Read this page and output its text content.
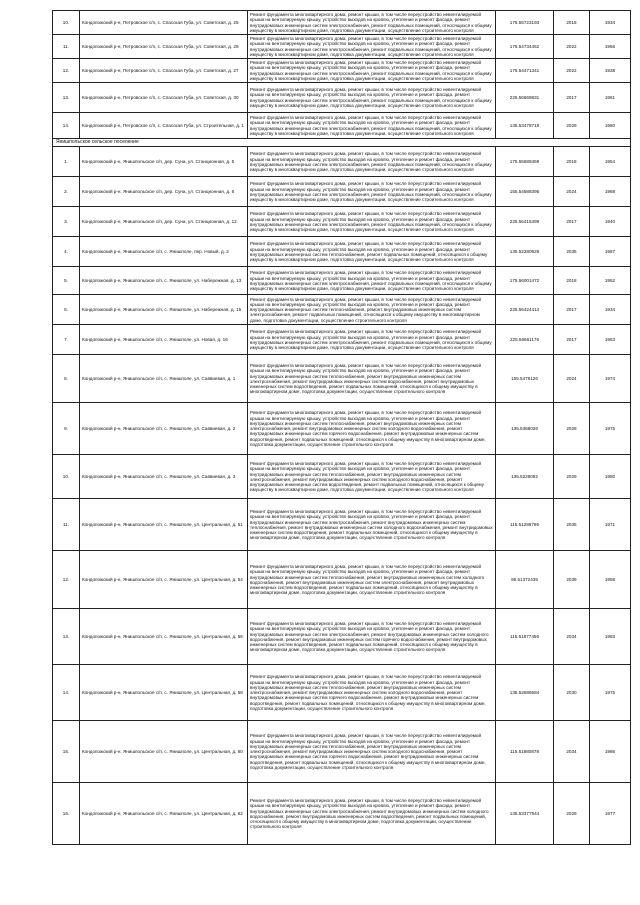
10.	Кондопожский р-н, Петровское с/п, с. Спасская Губа, ул. Советская, д. 25	Ремонт фундамента многоквартирного дома, ремонт крыши, в том числе переустройство невентилируемой крыши на вентилируемую крышу, устройство выходов на кровлю, утепление и ремонт фасада, ремонт внутридомовых инженерных систем электроснабжения, ремонт подвальных помещений, относящихся к общему имуществу в многоквартирном доме, подготовка документации, осуществление строительного контроля	175.55723193	2018	1934
11.	Кондопожский р-н, Петровское с/п, с. Спасская Губа, ул. Советская, д. 26	Ремонт фундамента многоквартирного дома, ремонт крыши, в том числе переустройство невентилируемой крыши на вентилируемую крышу, устройство выходов на кровлю, утепление и ремонт фасада, ремонт внутридомовых инженерных систем электроснабжения, ремонт подвальных помещений, относящихся к общему имуществу в многоквартирном доме, подготовка документации, осуществление строительного контроля	175.54734452	2022	1956
12.	Кондопожский р-н, Петровское с/п, с. Спасская Губа, ул. Советская, д. 27	Ремонт фундамента многоквартирного дома, ремонт крыши, в том числе переустройство невентилируемой крыши на вентилируемую крышу, устройство выходов на кровлю, утепление и ремонт фасада, ремонт внутридомовых инженерных систем электроснабжения, ремонт подвальных помещений, относящихся к общему имуществу в многоквартирном доме, подготовка документации, осуществление строительного контроля	175.54471341	2022	1938
13.	Кондопожский р-н, Петровское с/п, с. Спасская Губа, ул. Советская, д. 30	Ремонт фундамента многоквартирного дома, ремонт крыши, в том числе переустройство невентилируемой крыши на вентилируемую крышу, устройство выходов на кровлю, утепление и ремонт фасада, ремонт внутридомовых инженерных систем электроснабжения, ремонт подвальных помещений, относящихся к общему имуществу в многоквартирном доме, подготовка документации, осуществление строительного контроля	225.56669831	2017	1961
14.	Кондопожский р-н, Петровское с/п, с. Спасская Губа, ул. Строительная, д. 1	Ремонт фундамента многоквартирного дома, ремонт крыши, в том числе переустройство невентилируемой крыши на вентилируемую крышу, устройство выходов на кровлю, утепление и ремонт фасада, ремонт внутридомовых инженерных систем электроснабжения, ремонт подвальных помещений, относящихся к общему имуществу в многоквартирном доме, подготовка документации, осуществление строительного контроля	135.53478718	2029	1980
Янишпольское сельское поселение					
1.	Кондопожский р-н, Янишпольское с/п, дер. Суна, ул. Станционная, д. 5	Ремонт фундамента многоквартирного дома, ремонт крыши, в том числе переустройство невентилируемой крыши на вентилируемую крышу, устройство выходов на кровлю, утепление и ремонт фасада, ремонт внутридомовых инженерных систем электроснабжения, ремонт подвальных помещений, относящихся к общему имуществу в многоквартирном доме, подготовка документации, осуществление строительного контроля	175.55689459	2018	1954
2.	Кондопожский р-н, Янишпольское с/п, дер. Суна, ул. Станционная, д. 6	Ремонт фундамента многоквартирного дома, ремонт крыши, в том числе переустройство невентилируемой крыши на вентилируемую крышу, устройство выходов на кровлю, утепление и ремонт фасада, ремонт внутридомовых инженерных систем электроснабжения, ремонт подвальных помещений, относящихся к общему имуществу в многоквартирном доме, подготовка документации, осуществление строительного контроля	155.54588395	2024	1968
3.	Кондопожский р-н, Янишпольское с/п, дер. Суна, ул. Станционная, д. 12	Ремонт фундамента многоквартирного дома, ремонт крыши, в том числе переустройство невентилируемой крыши на вентилируемую крышу, устройство выходов на кровлю, утепление и ремонт фасада, ремонт внутридомовых инженерных систем электроснабжения, ремонт подвальных помещений, относящихся к общему имуществу в многоквартирном доме, подготовка документации, осуществление строительного контроля	225.56415499	2017	1940
4.	Кондопожский р-н, Янишпольское с/п, с. Янишполе, пер. Новый, д. 2	Ремонт фундамента многоквартирного дома, ремонт крыши, в том числе переустройство невентилируемой крыши на вентилируемую крышу, устройство выходов на кровлю, утепление и ремонт фасада, ремонт внутридомовых инженерных систем теплоснабжения, ремонт подвальных помещений, относящихся к общему имуществу в многоквартирном доме, подготовка документации, осуществление строительного контроля	135.52280929	2035	1987
5.	Кондопожский р-н, Янишпольское с/п, с. Янишполе, ул. Набережная, д. 13	Ремонт фундамента многоквартирного дома, ремонт крыши, в том числе переустройство невентилируемой крыши на вентилируемую крышу, устройство выходов на кровлю, утепление и ремонт фасада, ремонт внутридомовых инженерных систем электроснабжения, ремонт подвальных помещений, относящихся к общему имуществу в многоквартирном доме, подготовка документации, осуществление строительного контроля	175.56001472	2018	1952
6.	Кондопожский р-н, Янишпольское с/п, с. Янишполе, ул. Набережная, д. 15	Ремонт фундамента многоквартирного дома, ремонт крыши, в том числе переустройство невентилируемой крыши на вентилируемую крышу, устройство выходов на кровлю, утепление и ремонт фасада, ремонт внутридомовых инженерных систем теплоснабжения, ремонт внутридомовых инженерных систем электроснабжения, ремонт подвальных помещений, относящихся к общему имуществу в многоквартирном доме, подготовка документации, осуществление строительного контроля	225.56424414	2017	1934
7.	Кондопожский р-н, Янишпольское с/п, с. Янишполе, ул. Новая, д. 16	Ремонт фундамента многоквартирного дома, ремонт крыши, в том числе переустройство невентилируемой крыши на вентилируемую крышу, устройство выходов на кровлю, утепление и ремонт фасада, ремонт внутридомовых инженерных систем электроснабжения, ремонт подвальных помещений, относящихся к общему имуществу в многоквартирном доме, подготовка документации, осуществление строительного контроля	225.56661176	2017	1953
8.	Кондопожский р-н, Янишпольское с/п, с. Янишполе, ул. Саввиевая, д. 1	Ремонт фундамента многоквартирного дома, ремонт крыши, в том числе переустройство невентилируемой крыши на вентилируемую крышу, устройство выходов на кровлю, утепление и ремонт фасада, ремонт внутридомовых инженерных систем теплоснабжения, ремонт внутридомовых инженерных систем электроснабжения, ремонт внутридомовых инженерных систем водоснабжения, ремонт внутридомовых инженерных систем водоотведения, ремонт подвальных помещений, относящихся к общему имуществу в многоквартирном доме, подготовка документации, осуществление строительного контроля	155.5478126	2024	1974
9.	Кондопожский р-н, Янишпольское с/п, с. Янишполе, ул. Саввиевая, д. 2	Ремонт фундамента многоквартирного дома, ремонт крыши, в том числе переустройство невентилируемой крыши на вентилируемую крышу, устройство выходов на кровлю, утепление и ремонт фасада, ремонт внутридомовых инженерных систем теплоснабжения, ремонт внутридомовых инженерных систем электроснабжения, ремонт внутридомовых инженерных систем холодного водоснабжения, ремонт внутридомовых инженерных систем горячего водоснабжения, ремонт внутридомовых инженерных систем водоотведения, ремонт подвальных помещений, относящихся к общему имуществу в многоквартирном доме, подготовка документации, осуществление строительного контроля	135.5368026	2028	1975
10.	Кондопожский р-н, Янишпольское с/п, с. Янишполе, ул. Саввиевая, д. 3	Ремонт фундамента многоквартирного дома, ремонт крыши, в том числе переустройство невентилируемой крыши на вентилируемую крышу, устройство выходов на кровлю, утепление и ремонт фасада, ремонт внутридомовых инженерных систем теплоснабжения, ремонт внутридомовых инженерных систем электроснабжения, ремонт внутридомовых инженерных систем холодного водоснабжения, ремонт внутридомовых инженерных систем водоотведения, ремонт подвальных помещений, относящихся к общему имуществу в многоквартирном доме, подготовка документации, осуществление строительного контроля	135.5228092	2029	1980
11.	Кондопожский р-н, Янишпольское с/п, с. Янишполе, ул. Центральная, д. 51	Ремонт фундамента многоквартирного дома, ремонт крыши, в том числе переустройство невентилируемой крыши на вентилируемую крышу, устройство выходов на кровлю, утепление и ремонт фасада, ремонт внутридомовых инженерных систем электроснабжения, ремонт внутридомовых инженерных систем теплоснабжения, ремонт внутридомовых инженерных систем холодного водоснабжения, ремонт внутридомовых инженерных систем водоотведения, ремонт подвальных помещений, относящихся к общему имуществу в многоквартирном доме, подготовка документации, осуществление строительного контроля	115.51286795	2035	1971
12.	Кондопожский р-н, Янишпольское с/п, с. Янишполе, ул. Центральная, д. 54	Ремонт фундамента многоквартирного дома, ремонт крыши, в том числе переустройство невентилируемой крыши на вентилируемую крышу, устройство выходов на кровлю, утепление и ремонт фасада, ремонт внутридомовых инженерных систем теплоснабжения, ремонт внутридомовых инженерных систем холодного водоснабжения, ремонт внутридомовых инженерных систем электроснабжения, ремонт внутридомовых инженерных систем водоотведения, ремонт подвальных помещений, относящихся к общему имуществу в многоквартирном доме, подготовка документации, осуществление строительного контроля	95.51372435	2039	1958
13.	Кондопожский р-н, Янишпольское с/п, с. Янишполе, ул. Центральная, д. 56	Ремонт фундамента многоквартирного дома, ремонт крыши, в том числе переустройство невентилируемой крыши на вентилируемую крышу, устройство выходов на кровлю, утепление и ремонт фасада, ремонт внутридомовых инженерных систем электроснабжения, ремонт внутридомовых инженерных систем холодного водоснабжения, ремонт внутридомовых инженерных систем горячего водоснабжения, ремонт внутридомовых инженерных систем водоотведения, ремонт подвальных помещений, относящихся к общему имуществу в многоквартирном доме, подготовка документации, осуществление строительного контроля	115.51877456	2034	1983
14.	Кондопожский р-н, Янишпольское с/п, с. Янишполе, ул. Центральная, д. 58	Ремонт фундамента многоквартирного дома, ремонт крыши, в том числе переустройство невентилируемой крыши на вентилируемую крышу, устройство выходов на кровлю, утепление и ремонт фасада, ремонт внутридомовых инженерных систем теплоснабжения, ремонт внутридомовых инженерных систем электроснабжения, ремонт внутридомовых инженерных систем холодного водоснабжения, ремонт внутридомовых инженерных систем горячего водоснабжения, ремонт внутридомовых инженерных систем водоотведения, ремонт подвальных помещений, относящихся к общему имуществу в многоквартирном доме, подготовка документации, осуществление строительного контроля	135.52686584	2030	1975
15.	Кондопожский р-н, Янишпольское с/п, с. Янишполе, ул. Центральная, д. 60	Ремонт фундамента многоквартирного дома, ремонт крыши, в том числе переустройство невентилируемой крыши на вентилируемую крышу, устройство выходов на кровлю, утепление и ремонт фасада, ремонт внутридомовых инженерных систем теплоснабжения, ремонт внутридомовых инженерных систем электроснабжения, ремонт внутридомовых инженерных систем холодного водоснабжения, ремонт внутридомовых инженерных систем горячего водоснабжения, ремонт внутридомовых инженерных систем водоотведения, ремонт подвальных помещений, относящихся к общему имуществу в многоквартирном доме, подготовка документации, осуществление строительного контроля	115.51880878	2034	1986
16.	Кондопожский р-н, Янишпольское с/п, с. Янишполе, ул. Центральная, д. 62	Ремонт фундамента многоквартирного дома, ремонт крыши, в том числе переустройство невентилируемой крыши на вентилируемую крышу, устройство выходов на кровлю, утепление и ремонт фасада, ремонт внутридомовых инженерных систем электроснабжения, ремонт внутридомовых инженерных систем холодного водоснабжения, ремонт внутридомовых инженерных систем водоотведения, ремонт подвальных помещений, относящихся к общему имуществу в многоквартирном доме, подготовка документации, осуществление строительного контроля	135.53377944	2029	1977
